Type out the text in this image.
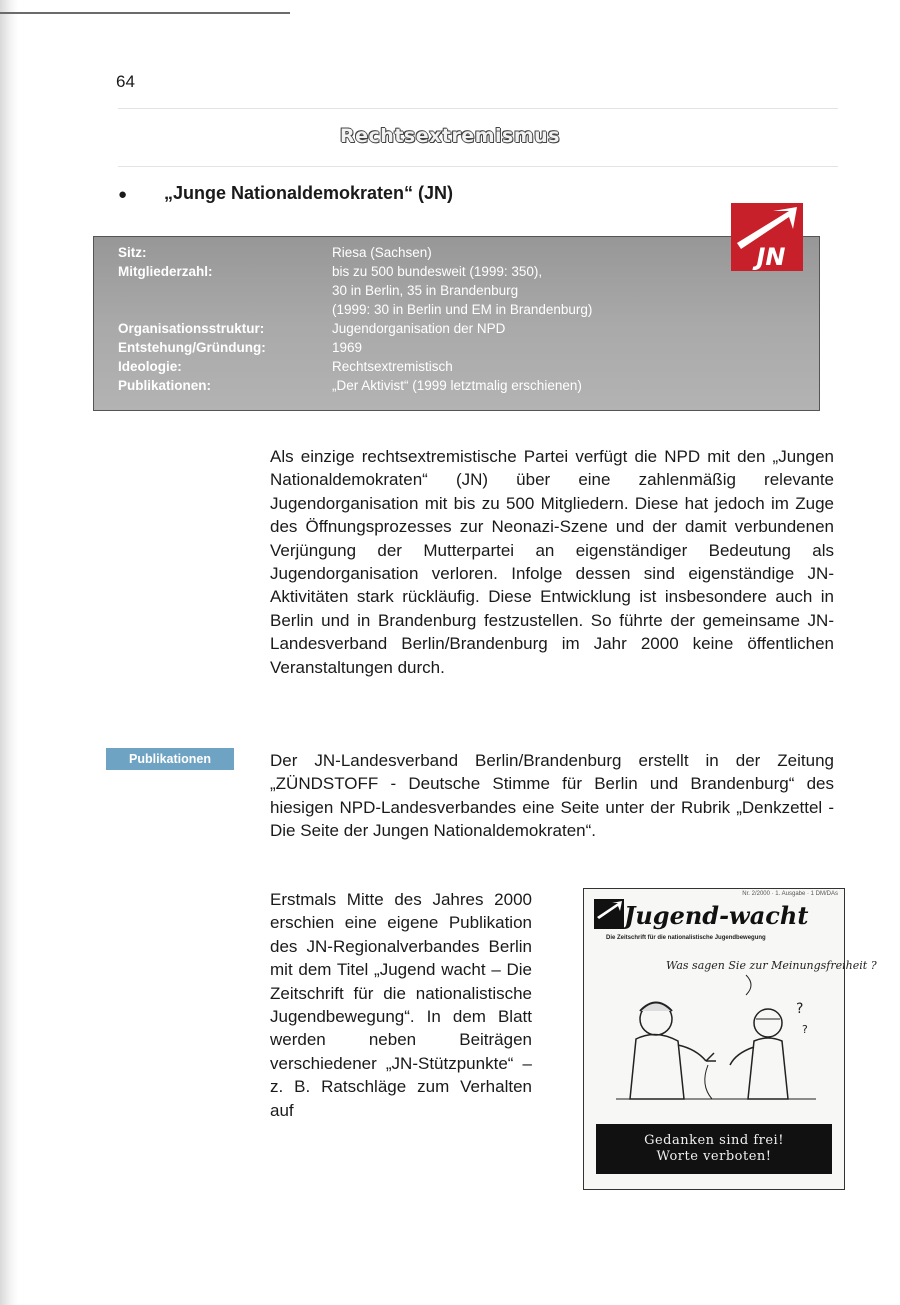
64
Rechtsextremismus
● „Junge Nationaldemokraten“ (JN)
Sitz:	Riesa (Sachsen)
Mitgliederzahl:	bis zu 500 bundesweit (1999: 350),
30 in Berlin, 35 in Brandenburg
(1999: 30 in Berlin und EM in Brandenburg)
Organisationsstruktur:	Jugendorganisation der NPD
Entstehung/Gründung:	1969
Ideologie:	Rechtsextremistisch
Publikationen:	„Der Aktivist“ (1999 letztmalig erschienen)
JN

Als einzige rechtsextremistische Partei verfügt die NPD mit den „Jungen Nationaldemokraten“ (JN) über eine zahlenmäßig relevante Jugendorganisation mit bis zu 500 Mitgliedern. Diese hat jedoch im Zuge des Öffnungsprozesses zur Neonazi-Szene und der damit verbundenen Verjüngung der Mutterpartei an eigenständiger Bedeutung als Jugendorganisation verloren. Infolge dessen sind eigenständige JN-Aktivitäten stark rückläufig. Diese Entwicklung ist insbesondere auch in Berlin und in Brandenburg festzustellen. So führte der gemeinsame JN-Landesverband Berlin/Brandenburg im Jahr 2000 keine öffentlichen Veranstaltungen durch.

Publikationen	Der JN-Landesverband Berlin/Brandenburg erstellt in der Zeitung „ZÜNDSTOFF - Deutsche Stimme für Berlin und Brandenburg“ des hiesigen NPD-Landesverbandes eine Seite unter der Rubrik „Denkzettel - Die Seite der Jungen Nationaldemokraten“.

Erstmals Mitte des Jahres 2000 erschien eine eigene Publikation des JN-Regionalverbandes Berlin mit dem Titel „Jugend wacht – Die Zeitschrift für die nationalistische Jugendbewegung“. In dem Blatt werden neben Beiträgen verschiedener „JN-Stützpunkte“ – z. B. Ratschläge zum Verhalten auf

Nr. 2/2000 · 1. Ausgabe · 1 DM/DAs
Jugend-wacht
Die Zeitschrift für die nationalistische Jugendbewegung
Was sagen Sie zur Meinungsfreiheit ?
?
?
Gedanken sind frei!
Worte verboten!
